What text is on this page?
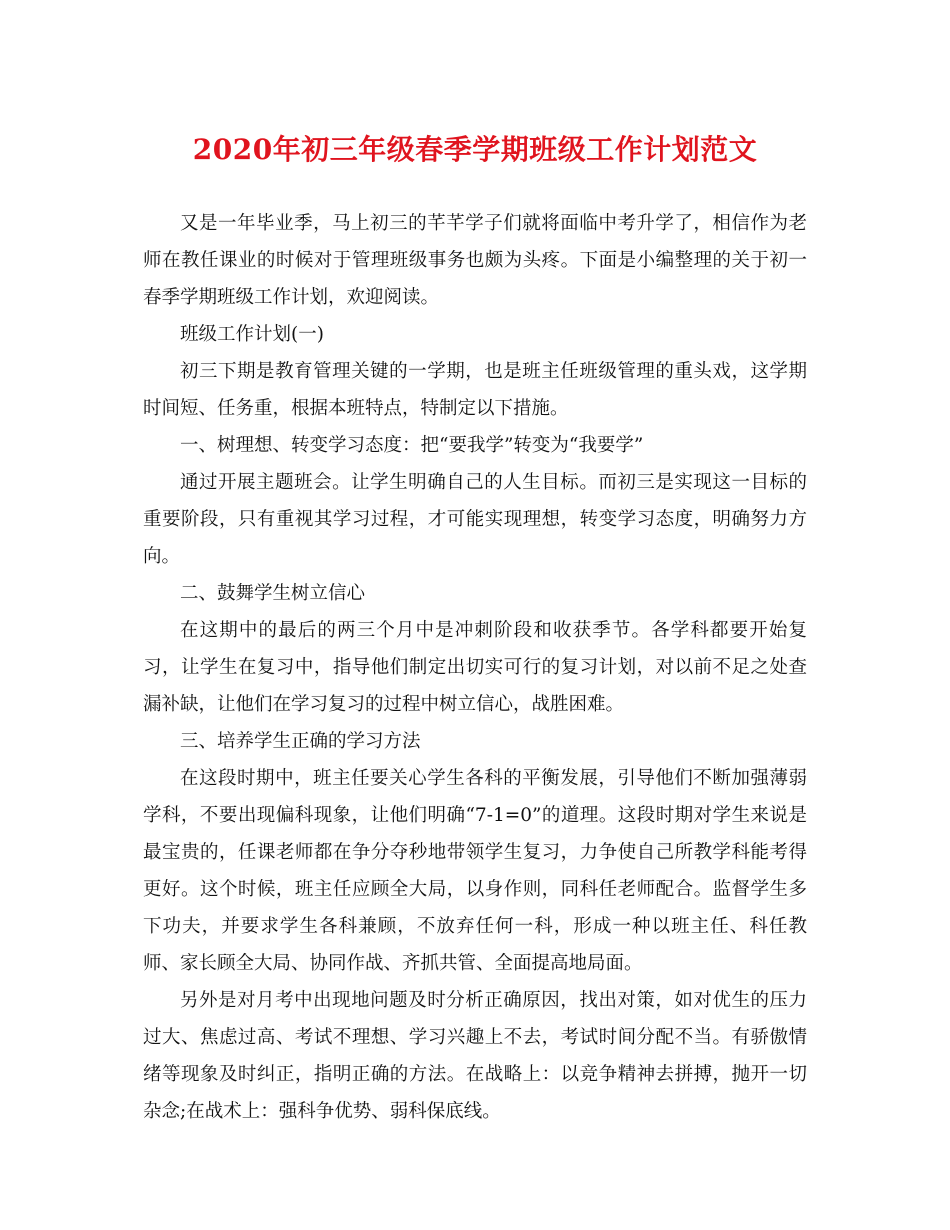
2020年初三年级春季学期班级工作计划范文

又是一年毕业季，马上初三的芊芊学子们就将面临中考升学了，相信作为老师在教任课业的时候对于管理班级事务也颇为头疼。下面是小编整理的关于初一春季学期班级工作计划，欢迎阅读。

班级工作计划(一)

初三下期是教育管理关键的一学期，也是班主任班级管理的重头戏，这学期时间短、任务重，根据本班特点，特制定以下措施。

一、树理想、转变学习态度：把“要我学”转变为“我要学”

通过开展主题班会。让学生明确自己的人生目标。而初三是实现这一目标的重要阶段，只有重视其学习过程，才可能实现理想，转变学习态度，明确努力方向。

二、鼓舞学生树立信心

在这期中的最后的两三个月中是冲刺阶段和收获季节。各学科都要开始复习，让学生在复习中，指导他们制定出切实可行的复习计划，对以前不足之处查漏补缺，让他们在学习复习的过程中树立信心，战胜困难。

三、培养学生正确的学习方法

在这段时期中，班主任要关心学生各科的平衡发展，引导他们不断加强薄弱学科，不要出现偏科现象，让他们明确“7-1=0”的道理。这段时期对学生来说是最宝贵的，任课老师都在争分夺秒地带领学生复习，力争使自己所教学科能考得更好。这个时候，班主任应顾全大局，以身作则，同科任老师配合。监督学生多下功夫，并要求学生各科兼顾，不放弃任何一科，形成一种以班主任、科任教师、家长顾全大局、协同作战、齐抓共管、全面提高地局面。

另外是对月考中出现地问题及时分析正确原因，找出对策，如对优生的压力过大、焦虑过高、考试不理想、学习兴趣上不去，考试时间分配不当。有骄傲情绪等现象及时纠正，指明正确的方法。在战略上：以竞争精神去拼搏，抛开一切杂念;在战术上：强科争优势、弱科保底线。
